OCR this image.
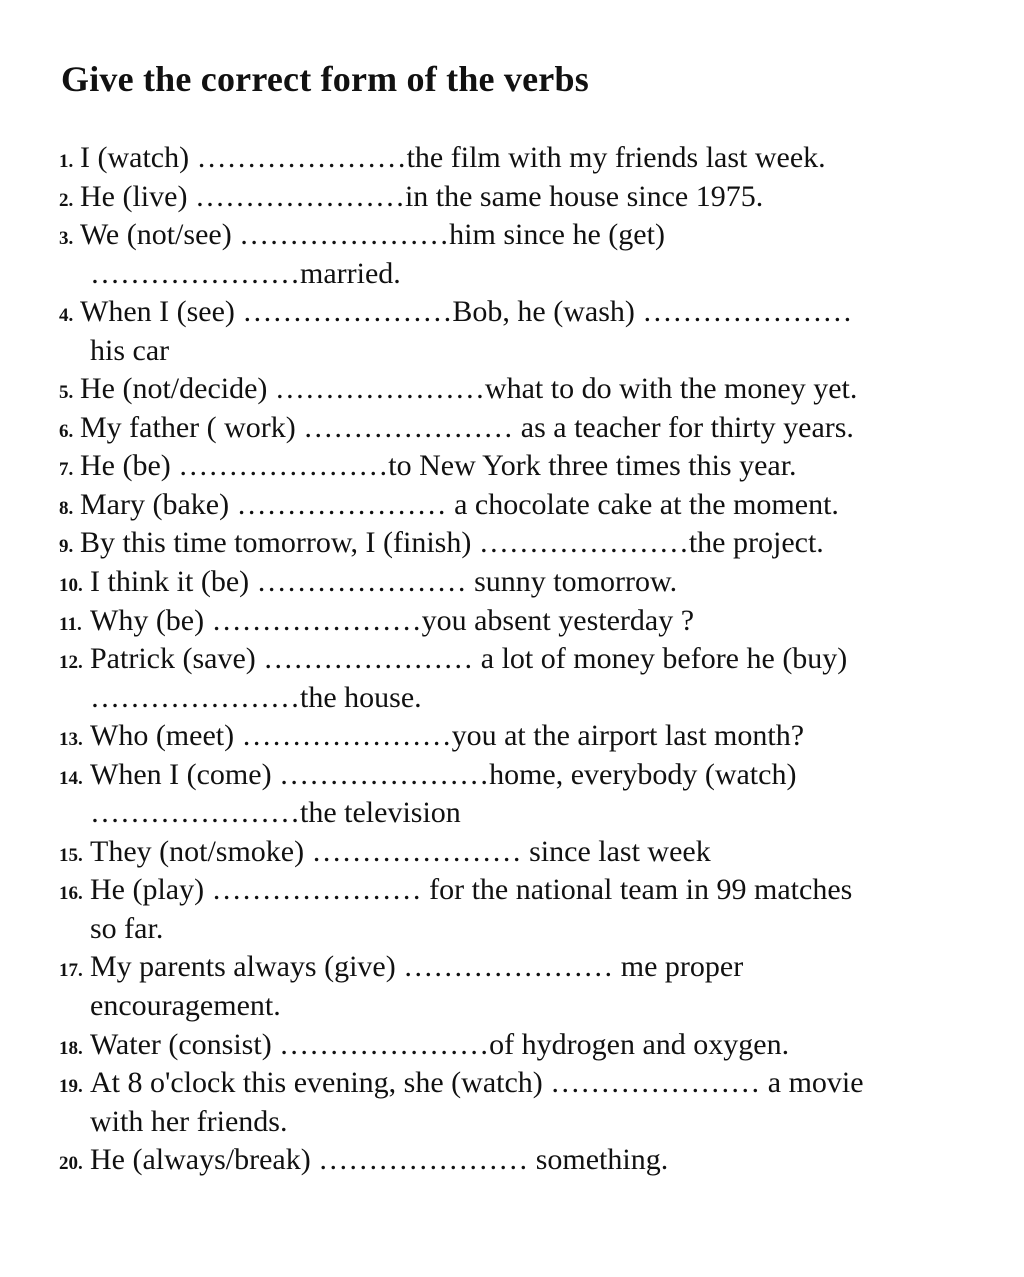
Give the correct form of the verbs
1. I (watch) …………………the film with my friends last week.
2. He (live) …………………in the same house since 1975.
3. We (not/see) …………………him since he (get)
…………………married.
4. When I (see) …………………Bob, he (wash) …………………
his car
5. He (not/decide) …………………what to do with the money yet.
6. My father ( work) ………………… as a teacher for thirty years.
7. He (be) …………………to New York three times this year.
8. Mary (bake) ………………… a chocolate cake at the moment.
9. By this time tomorrow, I (finish) …………………the project.
10. I think it (be) ………………… sunny tomorrow.
11. Why (be) …………………you absent yesterday ?
12. Patrick (save) ………………… a lot of money before he (buy)
…………………the house.
13. Who (meet) …………………you at the airport last month?
14. When I (come) …………………home, everybody (watch)
…………………the television
15. They (not/smoke) ………………… since last week
16. He (play) ………………… for the national team in 99 matches
so far.
17. My parents always (give) ………………… me proper
encouragement.
18. Water (consist) …………………of hydrogen and oxygen.
19. At 8 o'clock this evening, she (watch) ………………… a movie
with her friends.
20. He (always/break) ………………… something.
